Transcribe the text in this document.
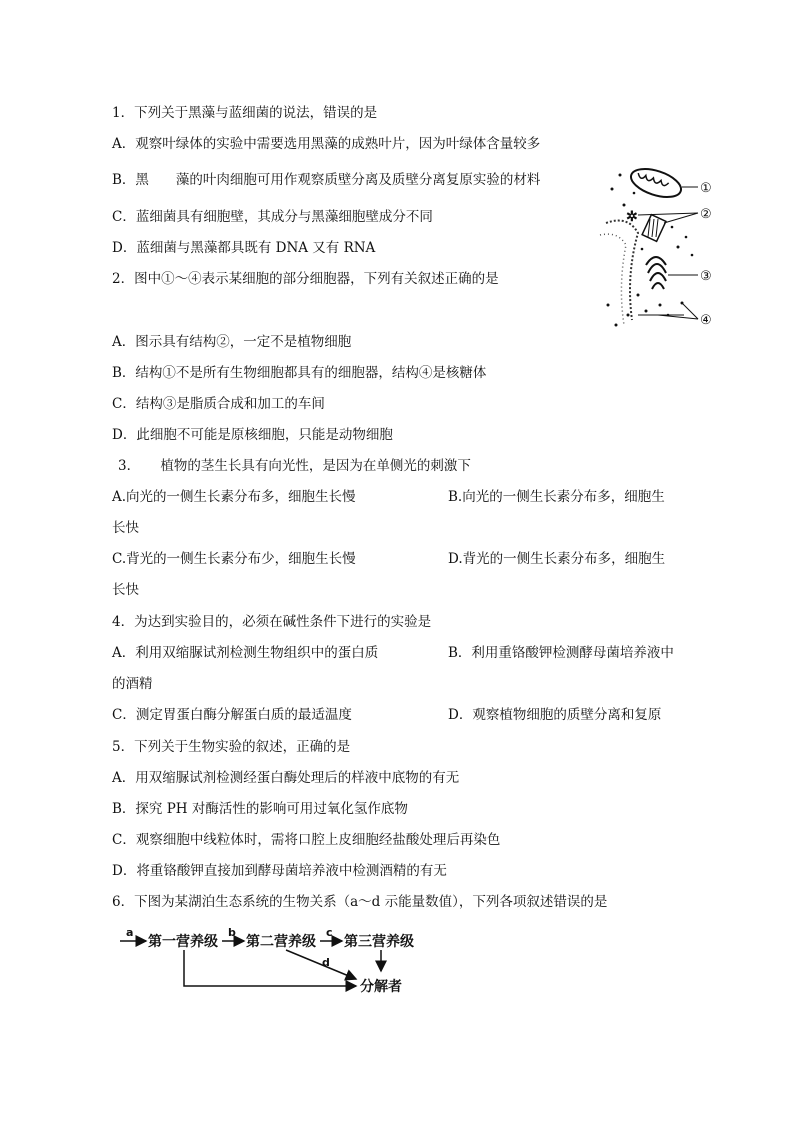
1．下列关于黑藻与蓝细菌的说法，错误的是
A．观察叶绿体的实验中需要选用黑藻的成熟叶片，因为叶绿体含量较多
B．黑　　藻的叶肉细胞可用作观察质壁分离及质壁分离复原实验的材料
C．蓝细菌具有细胞壁，其成分与黑藻细胞壁成分不同
D．蓝细菌与黑藻都具既有 DNA 又有 RNA
2．图中①～④表示某细胞的部分细胞器，下列有关叙述正确的是
✲
①
②
③
④
A．图示具有结构②，一定不是植物细胞
B．结构①不是所有生物细胞都具有的细胞器，结构④是核糖体
C．结构③是脂质合成和加工的车间
D．此细胞不可能是原核细胞，只能是动物细胞
3．　　植物的茎生长具有向光性，是因为在单侧光的刺激下
A.向光的一侧生长素分布多，细胞生长慢	B.向光的一侧生长素分布多，细胞生
长快
C.背光的一侧生长素分布少，细胞生长慢	D.背光的一侧生长素分布多，细胞生
长快
4．为达到实验目的，必须在碱性条件下进行的实验是
A．利用双缩脲试剂检测生物组织中的蛋白质	B．利用重铬酸钾检测酵母菌培养液中
的酒精
C．测定胃蛋白酶分解蛋白质的最适温度	D．观察植物细胞的质壁分离和复原
5．下列关于生物实验的叙述，正确的是
A．用双缩脲试剂检测经蛋白酶处理后的样液中底物的有无
B．探究 PH 对酶活性的影响可用过氧化氢作底物
C．观察细胞中线粒体时，需将口腔上皮细胞经盐酸处理后再染色
D．将重铬酸钾直接加到酵母菌培养液中检测酒精的有无
6．下图为某湖泊生态系统的生物关系（a～d 示能量数值），下列各项叙述错误的是
a
第一营养级
b
第二营养级
c
第三营养级
d
分解者
